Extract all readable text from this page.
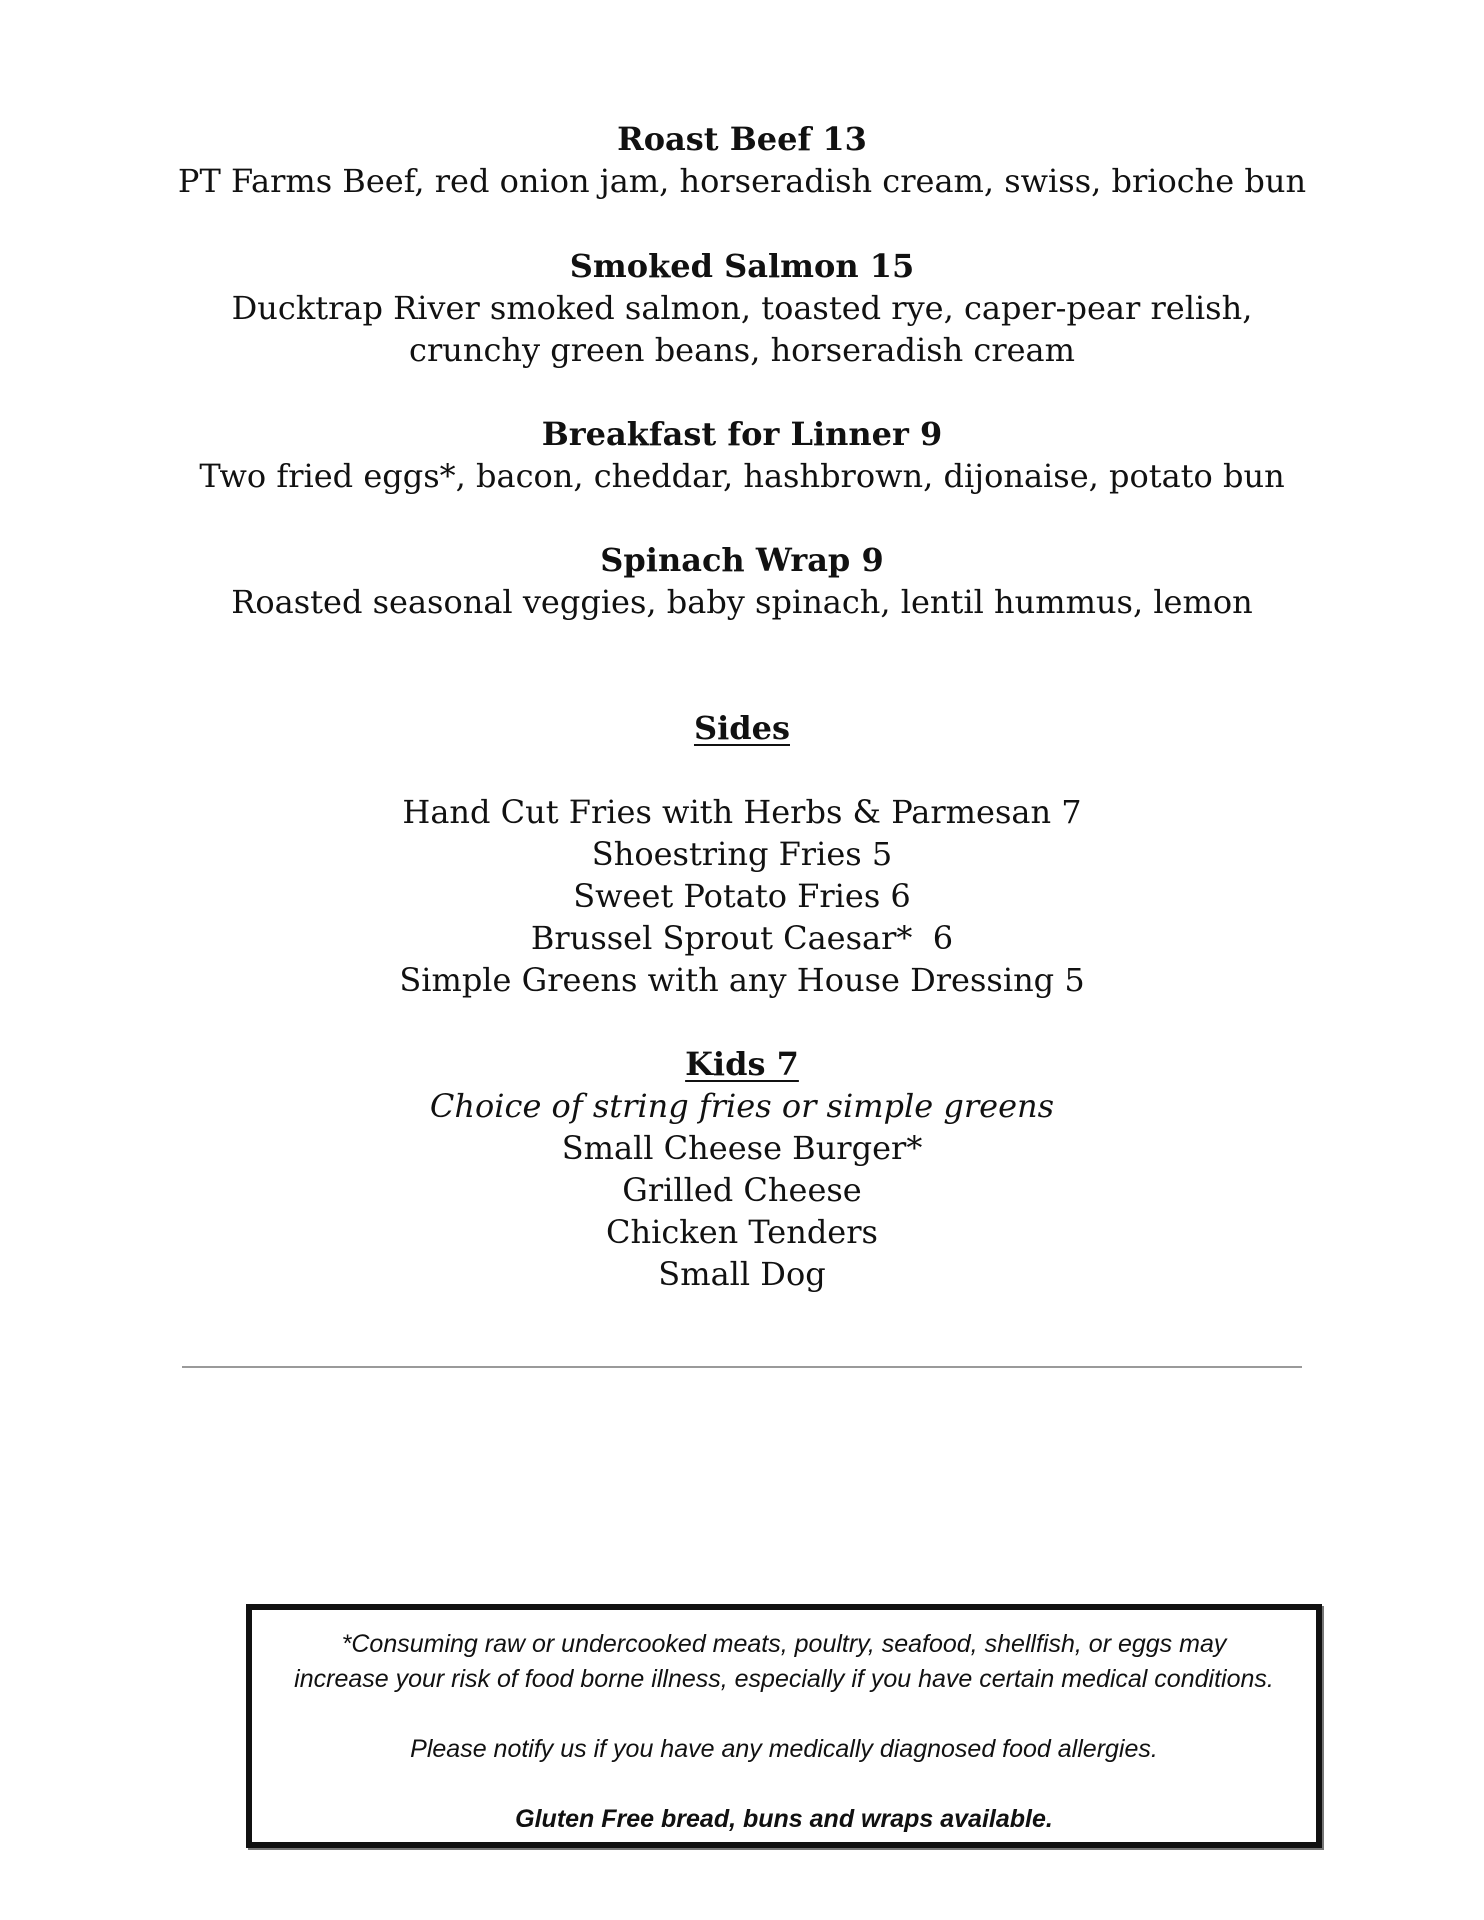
Roast Beef 13
PT Farms Beef, red onion jam, horseradish cream, swiss, brioche bun
Smoked Salmon 15
Ducktrap River smoked salmon, toasted rye, caper-pear relish,
crunchy green beans, horseradish cream
Breakfast for Linner 9
Two fried eggs*, bacon, cheddar, hashbrown, dijonaise, potato bun
Spinach Wrap 9
Roasted seasonal veggies, baby spinach, lentil hummus, lemon
Sides
Hand Cut Fries with Herbs & Parmesan 7
Shoestring Fries 5
Sweet Potato Fries 6
Brussel Sprout Caesar*  6
Simple Greens with any House Dressing 5
Kids 7
Choice of string fries or simple greens
Small Cheese Burger*
Grilled Cheese
Chicken Tenders
Small Dog
*Consuming raw or undercooked meats, poultry, seafood, shellfish, or eggs may
increase your risk of food borne illness, especially if you have certain medical conditions.
Please notify us if you have any medically diagnosed food allergies.
Gluten Free bread, buns and wraps available.
